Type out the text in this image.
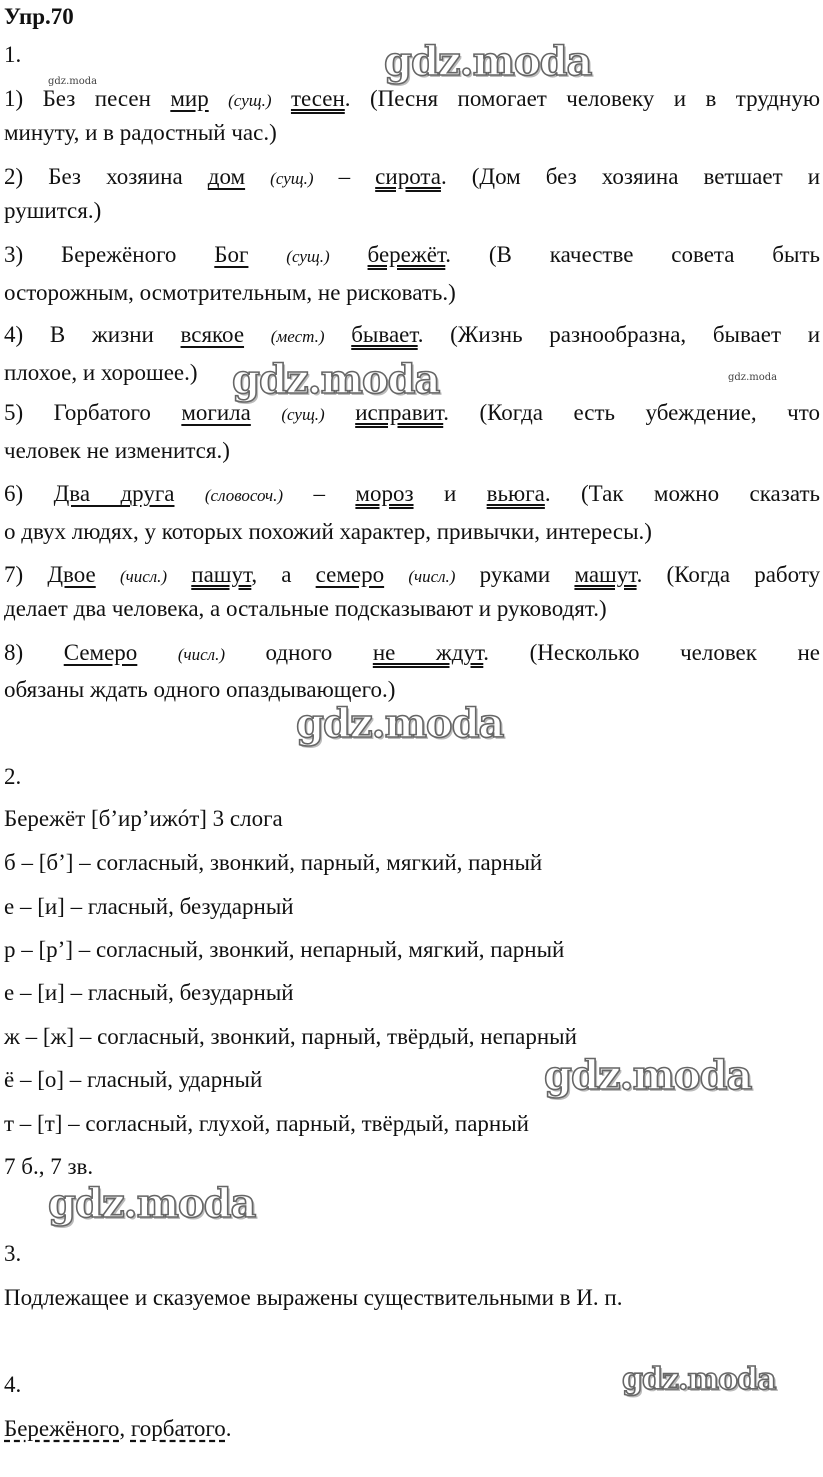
Упр.70
1.
1) Без песен мир (сущ.) тесен. (Песня помогает человеку и в трудную
минуту, и в радостный час.)
2) Без хозяина дом (сущ.) – сирота. (Дом без хозяина ветшает и
рушится.)
3) Бережёного Бог (сущ.) бережёт. (В качестве совета быть
осторожным, осмотрительным, не рисковать.)
4) В жизни всякое (мест.) бывает. (Жизнь разнообразна, бывает и
плохое, и хорошее.)
5) Горбатого могила (сущ.) исправит. (Когда есть убеждение, что
человек не изменится.)
6) Два друга (словосоч.) – мороз и вьюга. (Так можно сказать
о двух людях, у которых похожий характер, привычки, интересы.)
7) Двое (числ.) пашут, а семеро (числ.) руками машут. (Когда работу
делает два человека, а остальные подсказывают и руководят.)
8) Семеро (числ.) одного не ждут. (Несколько человек не
обязаны ждать одного опаздывающего.)
2.
Бережёт [б’ир’ижóт] 3 слога
б – [б’] – согласный, звонкий, парный, мягкий, парный
е – [и] – гласный, безударный
р – [р’] – согласный, звонкий, непарный, мягкий, парный
е – [и] – гласный, безударный
ж – [ж] – согласный, звонкий, парный, твёрдый, непарный
ё – [о] – гласный, ударный
т – [т] – согласный, глухой, парный, твёрдый, парный
7 б., 7 зв.
3.
Подлежащее и сказуемое выражены существительными в И. п.
4.
Бережёного, горбатого.
gdz.moda
gdz.moda
gdz.moda	gdz.moda
gdz.moda
gdz.moda
gdz.moda
gdz.moda
